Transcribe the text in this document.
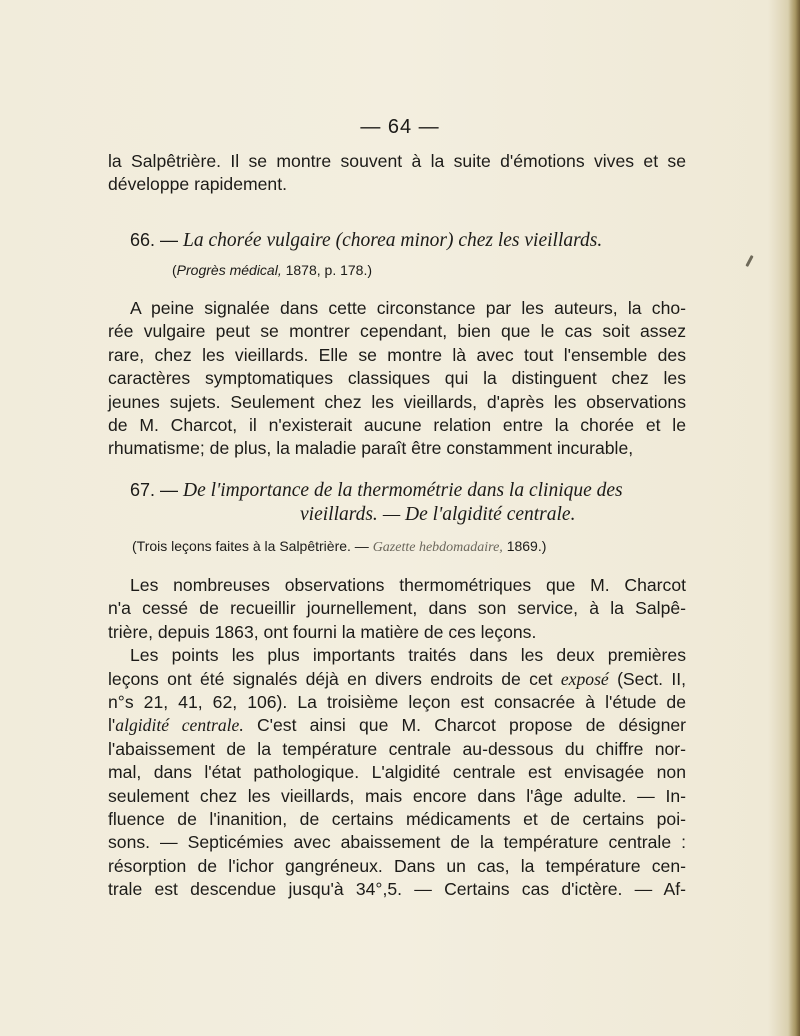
— 64 —
la Salpêtrière. Il se montre souvent à la suite d'émotions vives et se
développe rapidement.
66. — La chorée vulgaire (chorea minor) chez les vieillards.
(Progrès médical, 1878, p. 178.)
A peine signalée dans cette circonstance par les auteurs, la cho-
rée vulgaire peut se montrer cependant, bien que le cas soit assez
rare, chez les vieillards. Elle se montre là avec tout l'ensemble des
caractères symptomatiques classiques qui la distinguent chez les
jeunes sujets. Seulement chez les vieillards, d'après les observations
de M. Charcot, il n'existerait aucune relation entre la chorée et le
rhumatisme; de plus, la maladie paraît être constamment incurable,
67. — De l'importance de la thermométrie dans la clinique des
vieillards. — De l'algidité centrale.
(Trois leçons faites à la Salpêtrière. — Gazette hebdomadaire, 1869.)
Les nombreuses observations thermométriques que M. Charcot
n'a cessé de recueillir journellement, dans son service, à la Salpê-
trière, depuis 1863, ont fourni la matière de ces leçons.
Les points les plus importants traités dans les deux premières
leçons ont été signalés déjà en divers endroits de cet exposé (Sect. II,
n°s 21, 41, 62, 106). La troisième leçon est consacrée à l'étude de
l'algidité centrale. C'est ainsi que M. Charcot propose de désigner
l'abaissement de la température centrale au-dessous du chiffre nor-
mal, dans l'état pathologique. L'algidité centrale est envisagée non
seulement chez les vieillards, mais encore dans l'âge adulte. — In-
fluence de l'inanition, de certains médicaments et de certains poi-
sons. — Septicémies avec abaissement de la température centrale :
résorption de l'ichor gangréneux. Dans un cas, la température cen-
trale est descendue jusqu'à 34°,5. — Certains cas d'ictère. — Af-
